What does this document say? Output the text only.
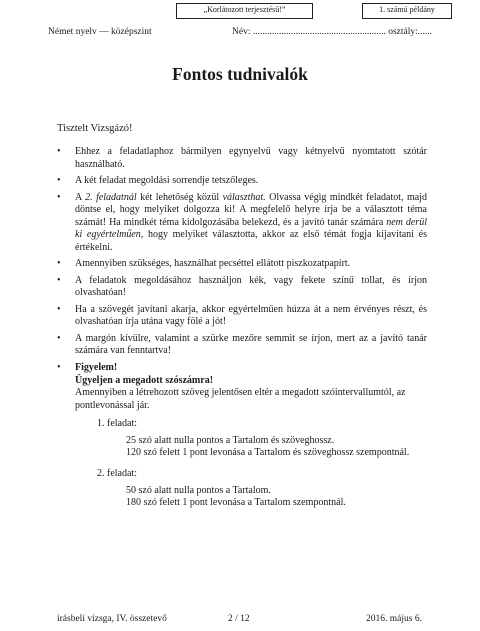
„Korlátozott terjesztésű!”	1. számú példány
Német nyelv — középszint	Név: ........................................................ osztály:......
Fontos tudnivalók
Tisztelt Vizsgázó!
• Ehhez a feladatlaphoz bármilyen egynyelvű vagy kétnyelvű nyomtatott szótár használható.
• A két feladat megoldási sorrendje tetszőleges.
• A 2. feladatnál két lehetőség közül választhat. Olvassa végig mindkét feladatot, majd döntse el, hogy melyiket dolgozza ki! A megfelelő helyre írja be a választott téma számát! Ha mindkét téma kidolgozásába belekezd, és a javító tanár számára nem derül ki egyértelműen, hogy melyiket választotta, akkor az első témát fogja kijavítani és értékelni.
• Amennyiben szükséges, használhat pecséttel ellátott piszkozatpapírt.
• A feladatok megoldásához használjon kék, vagy fekete színű tollat, és írjon olvashatóan!
• Ha a szövegét javítani akarja, akkor egyértelműen húzza át a nem érvényes részt, és olvashatóan írja utána vagy fölé a jót!
• A margón kívülre, valamint a szürke mezőre semmit se írjon, mert az a javító tanár számára van fenntartva!
• Figyelem!
Ügyeljen a megadott szószámra!
Amennyiben a létrehozott szöveg jelentősen eltér a megadott szóintervallumtól, az pontlevonással jár.
1. feladat:
25 szó alatt nulla pontos a Tartalom és szöveghossz.
120 szó felett 1 pont levonása a Tartalom és szöveghossz szempontnál.
2. feladat:
50 szó alatt nulla pontos a Tartalom.
180 szó felett 1 pont levonása a Tartalom szempontnál.
írásbeli vizsga, IV. összetevő	2 / 12	2016. május 6.
